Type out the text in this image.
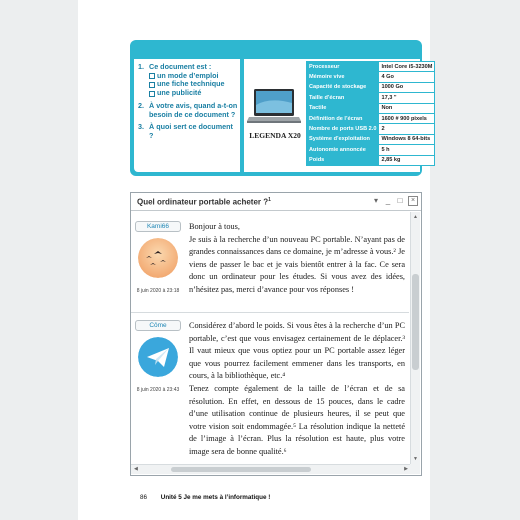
1. Ce document est :
un mode d’emploi
une fiche technique
une publicité
2. À votre avis, quand a-t-on besoin de ce document ?
3. À quoi sert ce document ?	LEGENDA X20
Processeur	Intel Core i5-3230M
Mémoire vive	4 Go
Capacité de stockage	1000 Go
Taille d’écran	17,3 "
Tactile	Non
Définition de l’écran	1600 # 900 pixels
Nombre de ports USB 2.0	2
Système d’exploitation	Windows 8 64-bits
Autonomie annoncée	5 h
Poids	2,85 kg
Quel ordinateur portable acheter ?$^1$	▾ _ □	×
Kami66
8 juin 2020 à 23:18

Bonjour à tous,

Je suis à la recherche d’un nouveau PC portable. N’ayant pas de grandes connaissances dans ce domaine, je m’adresse à vous.² Je viens de passer le bac et je vais bientôt entrer à la fac. Ce sera donc un ordinateur pour les études. Si vous avez des idées, n’hésitez pas, merci d’avance pour vos réponses !

Côme
8 juin 2020 à 23:43

Considérez d’abord le poids. Si vous êtes à la recherche d’un PC portable, c’est que vous envisagez certainement de le déplacer.³ Il vaut mieux que vous optiez pour un PC portable assez léger que vous pourrez facilement emmener dans les transports, en cours, à la bibliothèque, etc.⁴

Tenez compte également de la taille de l’écran et de sa résolution. En effet, en dessous de 15 pouces, dans le cadre d’une utilisation continue de plusieurs heures, il se peut que votre vision soit endommagée.⁵ La résolution indique la netteté de l’image à l’écran. Plus la résolution est haute, plus votre image sera de bonne qualité.⁶

▲
▼
◀	▶
86 Unité 5 Je me mets à l’informatique !
